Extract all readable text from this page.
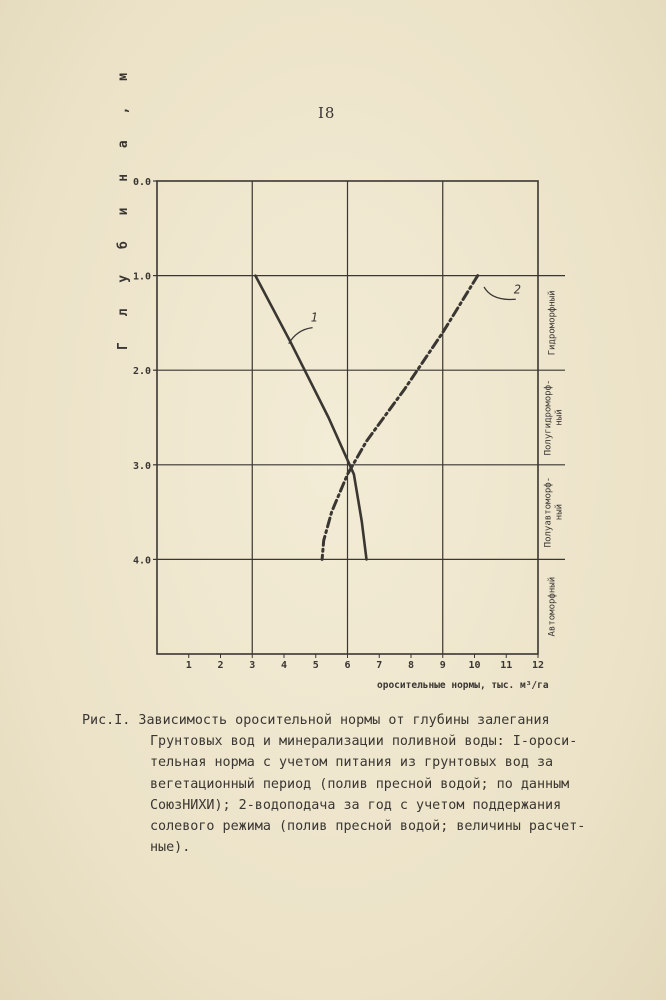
I8
0.0
1.0
2.0
3.0
4.0
1	2	3	4	5	6	7	8	9 10 11 12
оросительные нормы, тыс. м³/га
Гидроморфный
Полугидроморф-ный
Полуавтоморф-ный
Автоморфный
1
2
Г л у б и н а , м
Рис.I. Зависимость оросительной нормы от глубины залегания
Грунтовых вод и минерализации поливной воды: I-ороси-
тельная норма с учетом питания из грунтовых вод за
вегетационный период (полив пресной водой; по данным
СоюзНИХИ); 2-водоподача за год с учетом поддержания
солевого режима (полив пресной водой; величины расчет-
ные).
